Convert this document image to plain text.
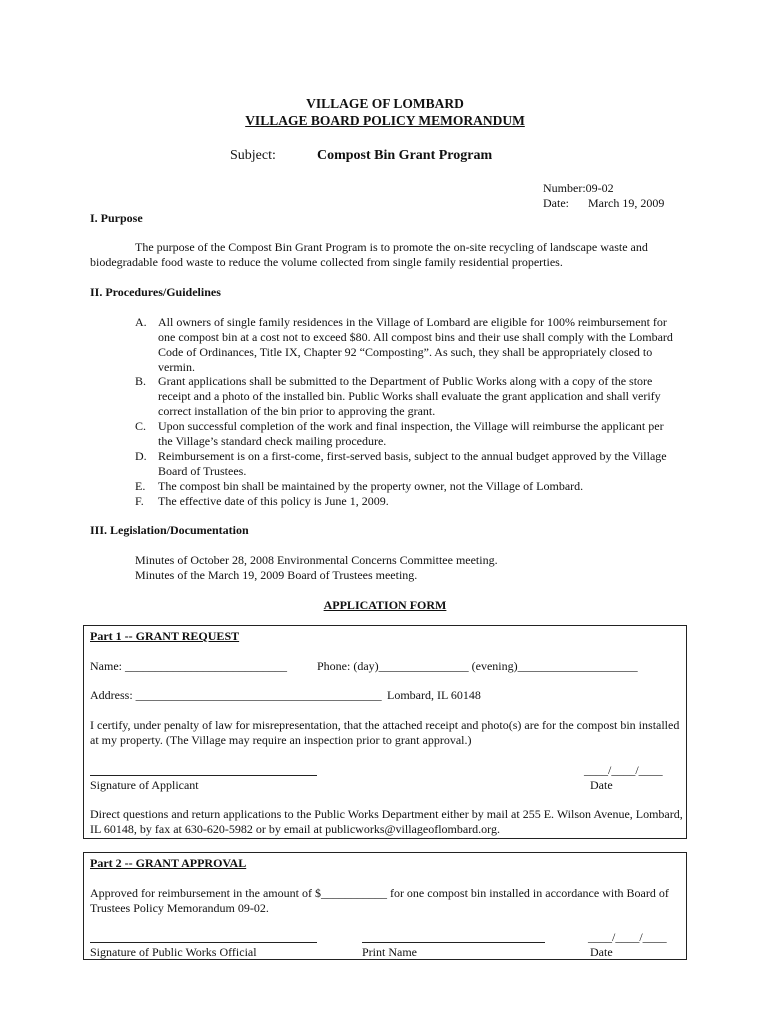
VILLAGE OF LOMBARD
VILLAGE BOARD POLICY MEMORANDUM
Subject:	Compost Bin Grant Program
Number:09-02
Date: March 19, 2009
I. Purpose
The purpose of the Compost Bin Grant Program is to promote the on-site recycling of landscape waste and biodegradable food waste to reduce the volume collected from single family residential properties.
II. Procedures/Guidelines
A. All owners of single family residences in the Village of Lombard are eligible for 100% reimbursement for one compost bin at a cost not to exceed $80. All compost bins and their use shall comply with the Lombard Code of Ordinances, Title IX, Chapter 92 “Composting”. As such, they shall be appropriately closed to vermin.
B. Grant applications shall be submitted to the Department of Public Works along with a copy of the store receipt and a photo of the installed bin. Public Works shall evaluate the grant application and shall verify correct installation of the bin prior to approving the grant.
C. Upon successful completion of the work and final inspection, the Village will reimburse the applicant per the Village’s standard check mailing procedure.
D. Reimbursement is on a first-come, first-served basis, subject to the annual budget approved by the Village Board of Trustees.
E. The compost bin shall be maintained by the property owner, not the Village of Lombard.
F. The effective date of this policy is June 1, 2009.
III. Legislation/Documentation
Minutes of October 28, 2008 Environmental Concerns Committee meeting.
Minutes of the March 19, 2009 Board of Trustees meeting.
APPLICATION FORM
Part 1 -- GRANT REQUEST
Name: ___________________________	Phone: (day)_______________ (evening)____________________
Address: _________________________________________ Lombard, IL 60148
I certify, under penalty of law for misrepresentation, that the attached receipt and photo(s) are for the compost bin installed at my property. (The Village may require an inspection prior to grant approval.)
____/____/____
Signature of Applicant	Date
Direct questions and return applications to the Public Works Department either by mail at 255 E. Wilson Avenue, Lombard, IL 60148, by fax at 630-620-5982 or by email at publicworks@villageoflombard.org.
Part 2 -- GRANT APPROVAL
Approved for reimbursement in the amount of $___________ for one compost bin installed in accordance with Board of Trustees Policy Memorandum 09-02.
____/____/____
Signature of Public Works Official	Print Name	Date
